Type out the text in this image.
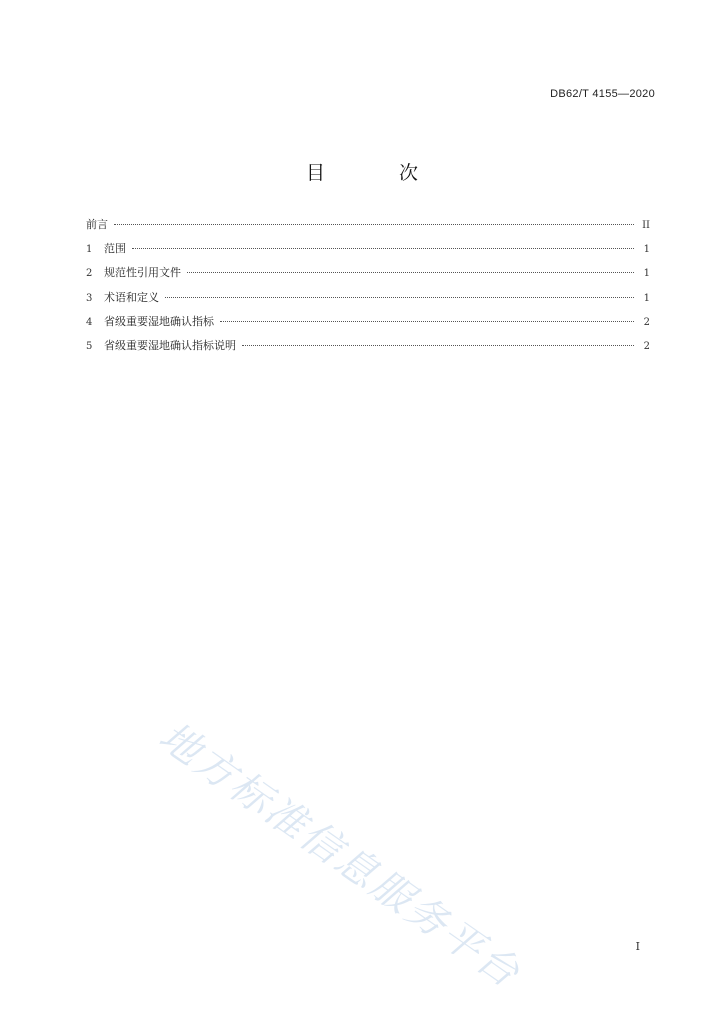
DB62/T 4155—2020
目 次
前言	II
1	范围	1
2	规范性引用文件	1
3	术语和定义	1
4	省级重要湿地确认指标	2
5	省级重要湿地确认指标说明	2
地方标准信息服务平台	I
